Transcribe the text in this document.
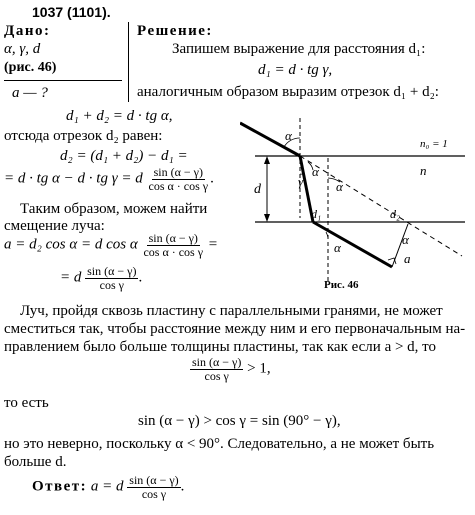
1037 (1101).
Дано:
α, γ, d
(рис. 46)
a — ?
Решение:
Запишем выражение для расстояния d₁:
d₁ = d · tg γ,
аналогичным образом выразим отрезок d₁ + d₂:
d₁ + d₂ = d · tg α,
отсюда отрезок d₂ равен:
d₂ = (d₁ + d₂) − d₁ =
= d · tg α − d · tg γ = d $\frac{\sin (\alpha - \gamma)}{\text{cos α · cos γ}}$ .
Таким образом, можем найти
смещение луча:
a = d₂ cos α = d cos α $\frac{\sin (\alpha - \gamma)}{\text{cos α · cos γ}}$ =
= d $\frac{\sin (\alpha - \gamma)}{\text{cos γ}}$ .
α
α
γ	α
α
α
d
d₁	d₂
a
n₀ = 1
n
Рис. 46
Луч, пройдя сквозь пластину с параллельными гранями, не может
сместиться так, чтобы расстояние между ним и его первоначальным на-
правлением было больше толщины пластины, так как если a > d, то
$\frac{\sin (\alpha - \gamma)}{\text{cos γ}} > 1$,
то есть
sin (α − γ) > cos γ = sin (90° − γ),
но это неверно, поскольку α < 90°. Следовательно, a не может быть
больше d.
Ответ: a = d $\frac{\sin (\alpha - \gamma)}{\text{cos γ}}$ .
